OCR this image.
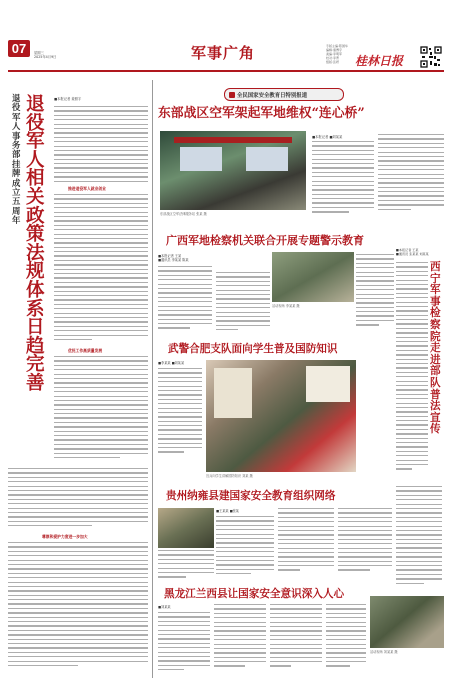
07	星期三
2025年4月9日	军事广角	专版主编:陈国华
编辑:康博宇
美编:李明军
校对:李菁
组版:张妍	桂林日报
退役军人事务部挂牌成立五周年
退役军人相关政策法规体系日趋完善
■本报记者 姜照宇
推进退役军人就业创业
优抚工作高质量发展
尊崇和爱护力度进一步加大
全民国家安全教育日特别报道
东部战区空军架起军地维权“连心桥”
东部战区空军法律服务站 张某 摄
■本报记者 ■刘某某
广西军地检察机关联合开展专题警示教育
■本报记者 王某
■通讯员 李某某 陈某
活动现场 李某某 摄
■本报记者 王某
■通讯员 张某某 刘某某
西宁军事检察院走进部队普法宣传
武警合肥支队面向学生普及国防知识
■李某某 ■刘某某
官兵向学生讲解国防知识 刘某 摄
贵州纳雍县建国家安全教育组织网络
■王某某 ■张某
黑龙江兰西县让国家安全意识深入人心
■刘某某
活动现场 刘某某 摄
